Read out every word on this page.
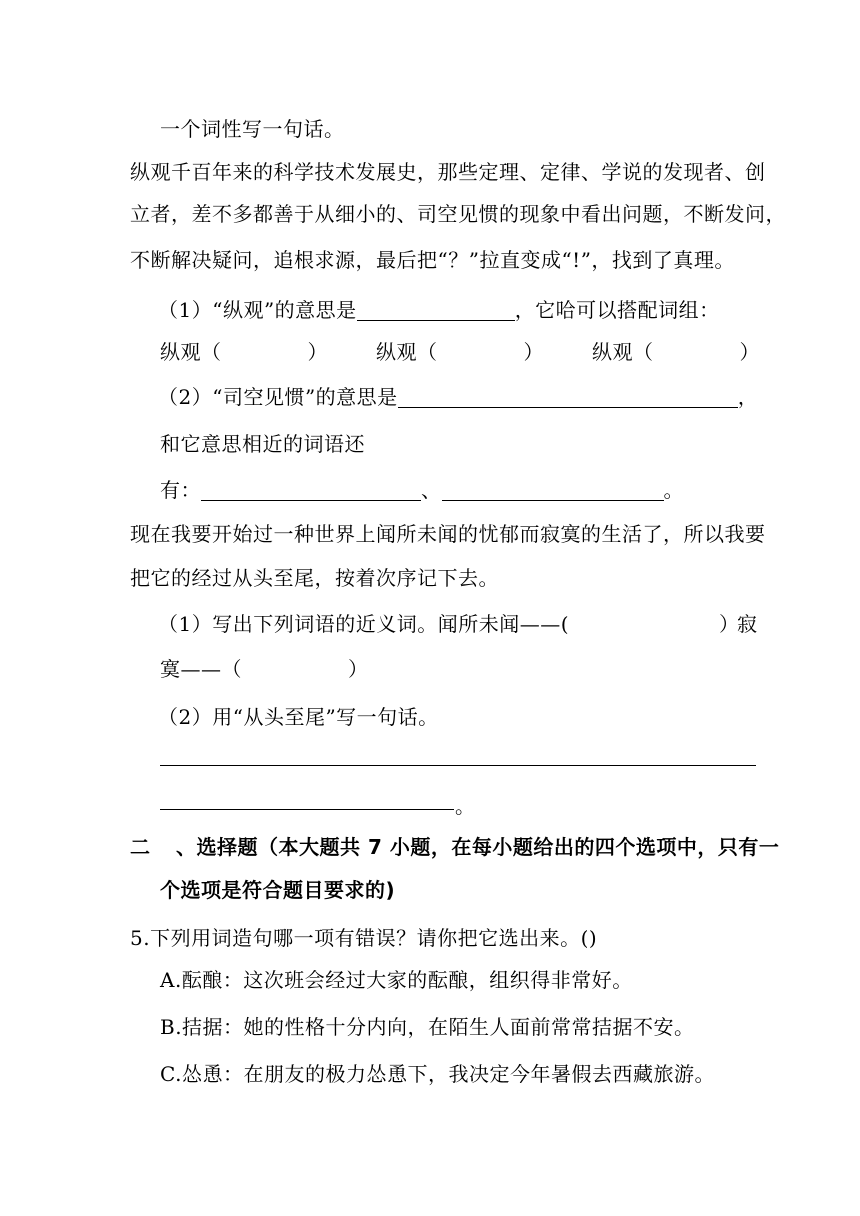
一个词性写一句话。
纵观千百年来的科学技术发展史，那些定理、定律、学说的发现者、创
立者，差不多都善于从细小的、司空见惯的现象中看出问题，不断发问，
不断解决疑问，追根求源，最后把“？”拉直变成“!”，找到了真理。
（1）“纵观”的意思是	，它哈可以搭配词组：
纵观（	） 纵观（	） 纵观（	）
（2）“司空见惯”的意思是	，
和它意思相近的词语还
有：	、	。
现在我要开始过一种世界上闻所未闻的忧郁而寂寞的生活了，所以我要
把它的经过从头至尾，按着次序记下去。
（1）写出下列词语的近义词。闻所未闻——(	）
寂
寞——（	）
（2）用“从头至尾”写一句话。
。
二 、选择题（本大题共 7 小题，在每小题给出的四个选项中，只有一
个选项是符合题目要求的)
5.下列用词造句哪一项有错误？请你把它选出来。()
A.酝酿：这次班会经过大家的酝酿，组织得非常好。
B.拮据：她的性格十分内向，在陌生人面前常常拮据不安。
C.怂恿：在朋友的极力怂恿下，我决定今年暑假去西藏旅游。
